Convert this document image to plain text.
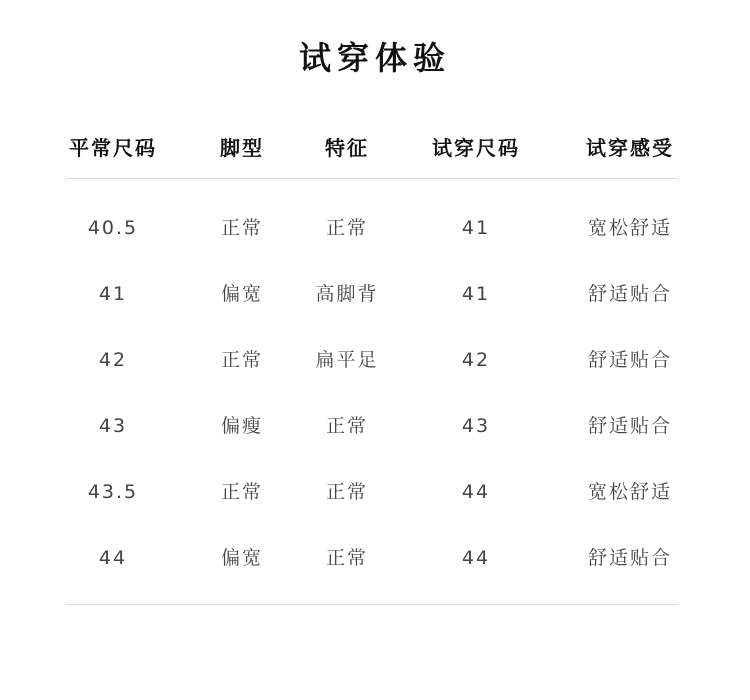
试穿体验
平常尺码	脚型	特征	试穿尺码	试穿感受
40.5	正常	正常	41	宽松舒适
41	偏宽	高脚背	41	舒适贴合
42	正常	扁平足	42	舒适贴合
43	偏瘦	正常	43	舒适贴合
43.5	正常	正常	44	宽松舒适
44	偏宽	正常	44	舒适贴合
